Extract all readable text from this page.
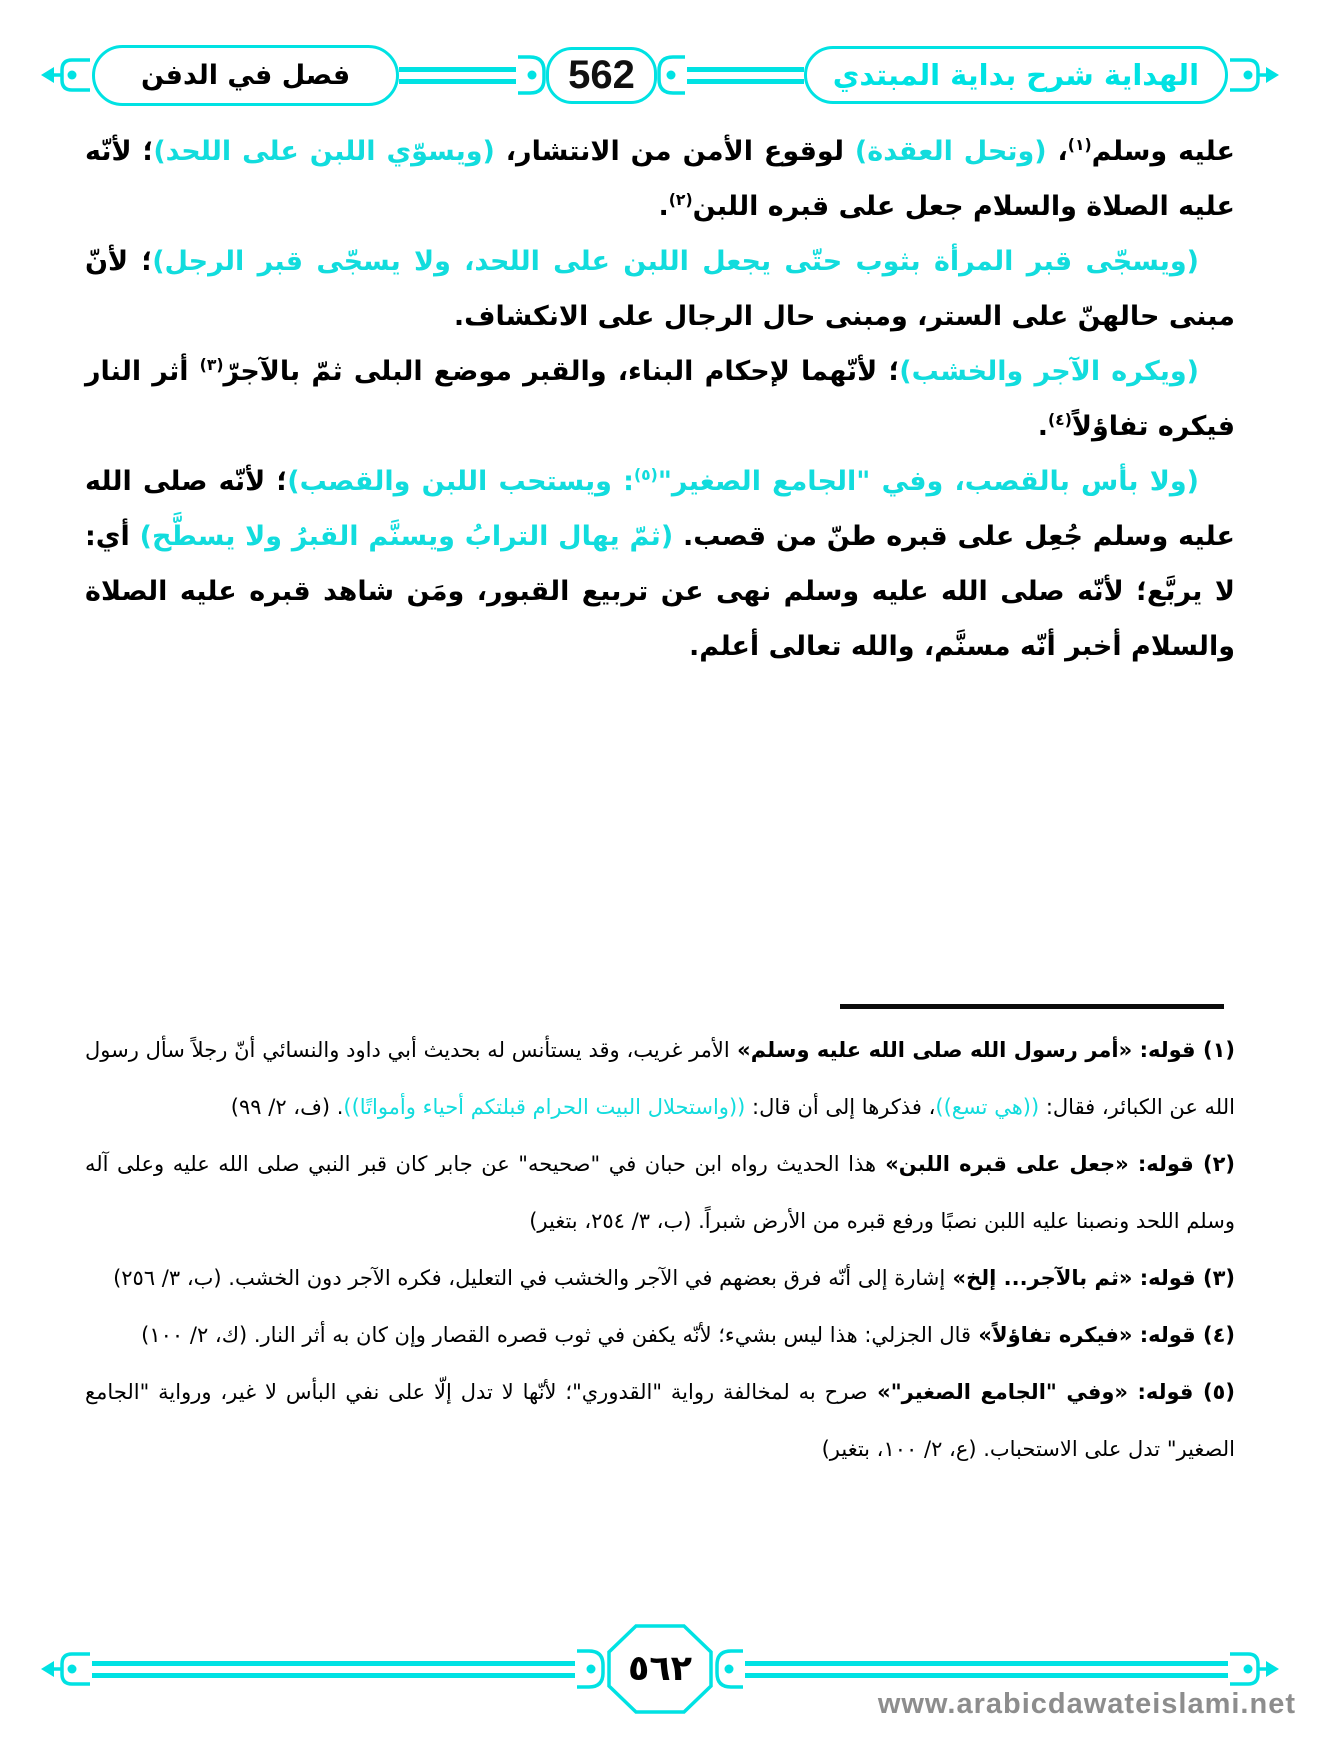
فصل في الدفن	562	الهداية شرح بداية المبتدي

عليه وسلم$^{(١)}$، (وتحل العقدة) لوقوع الأمن من الانتشار، (ويسوّي اللبن على اللحد)؛ لأنّه عليه الصلاة والسلام جعل على قبره اللبن$^{(٢)}$.

(ويسجّى قبر المرأة بثوب حتّى يجعل اللبن على اللحد، ولا يسجّى قبر الرجل)؛ لأنّ مبنى حالهنّ على الستر، ومبنى حال الرجال على الانكشاف.

(ويكره الآجر والخشب)؛ لأنّهما لإحكام البناء، والقبر موضع البلى ثمّ بالآجرّ$^{(٣)}$ أثر النار فيكره تفاؤلاً$^{(٤)}$.

(ولا بأس بالقصب، وفي "الجامع الصغير"$^{(٥)}$: ويستحب اللبن والقصب)؛ لأنّه صلى الله عليه وسلم جُعِل على قبره طنّ من قصب. (ثمّ يهال الترابُ ويسنَّم القبرُ ولا يسطَّح) أي: لا يربَّع؛ لأنّه صلى الله عليه وسلم نهى عن تربيع القبور، ومَن شاهد قبره عليه الصلاة والسلام أخبر أنّه مسنَّم، والله تعالى أعلم.

(١) قوله: «أمر رسول الله صلى الله عليه وسلم» الأمر غريب، وقد يستأنس له بحديث أبي داود والنسائي أنّ رجلاً سأل رسول الله عن الكبائر، فقال: ((هي تسع))، فذكرها إلى أن قال: ((واستحلال البيت الحرام قبلتكم أحياء وأمواتًا)). (ف، ٢/ ٩٩)

(٢) قوله: «جعل على قبره اللبن» هذا الحديث رواه ابن حبان في "صحيحه" عن جابر كان قبر النبي صلى الله عليه وعلى آله وسلم اللحد ونصبنا عليه اللبن نصبًا ورفع قبره من الأرض شبراً. (ب، ٣/ ٢٥٤، بتغير)

(٣) قوله: «ثم بالآجر... إلخ» إشارة إلى أنّه فرق بعضهم في الآجر والخشب في التعليل، فكره الآجر دون الخشب. (ب، ٣/ ٢٥٦)

(٤) قوله: «فيكره تفاؤلاً» قال الجزلي: هذا ليس بشيء؛ لأنّه يكفن في ثوب قصره القصار وإن كان به أثر النار. (ك، ٢/ ١٠٠)

(٥) قوله: «وفي "الجامع الصغير"» صرح به لمخالفة رواية "القدوري"؛ لأنّها لا تدل إلّا على نفي البأس لا غير، ورواية "الجامع الصغير" تدل على الاستحباب. (ع، ٢/ ١٠٠، بتغير)

٥٦٢
www.arabicdawateislami.net
